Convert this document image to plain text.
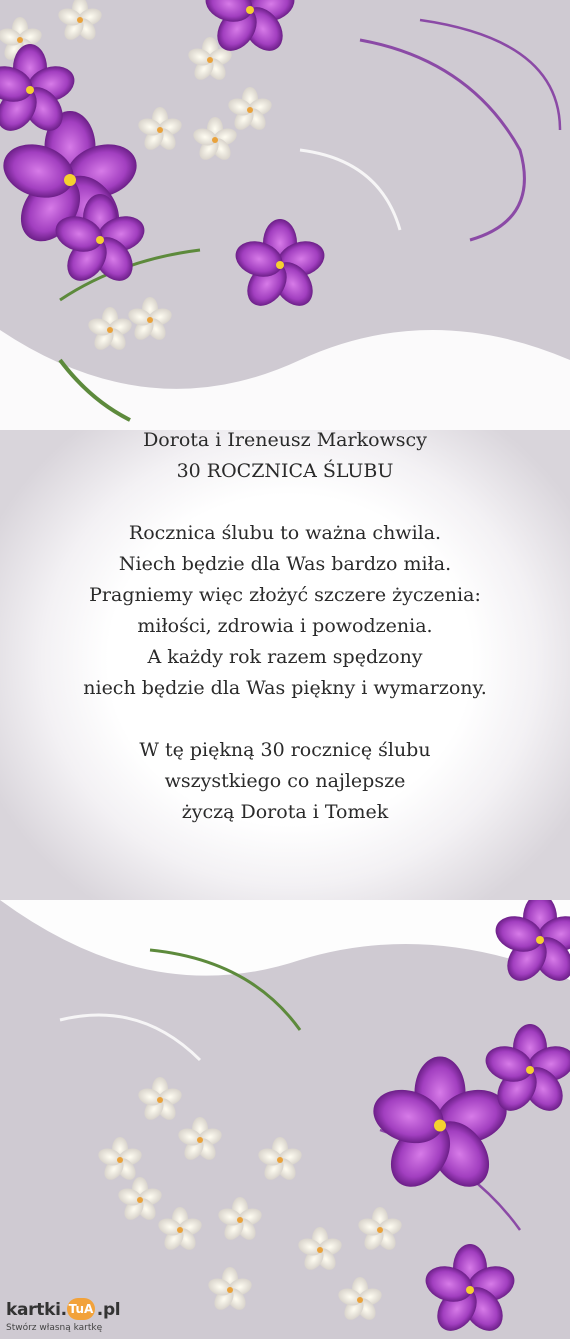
Dorota i Ireneusz Markowscy
30 ROCZNICA ŚLUBU
Rocznica ślubu to ważna chwila.
Niech będzie dla Was bardzo miła.
Pragniemy więc złożyć szczere życzenia:
miłości, zdrowia i powodzenia.
A każdy rok razem spędzony
niech będzie dla Was piękny i wymarzony.
W tę piękną 30 rocznicę ślubu
wszystkiego co najlepsze
życzą Dorota i Tomek
kartki. .pl
TuA
Stwórz własną kartkę
